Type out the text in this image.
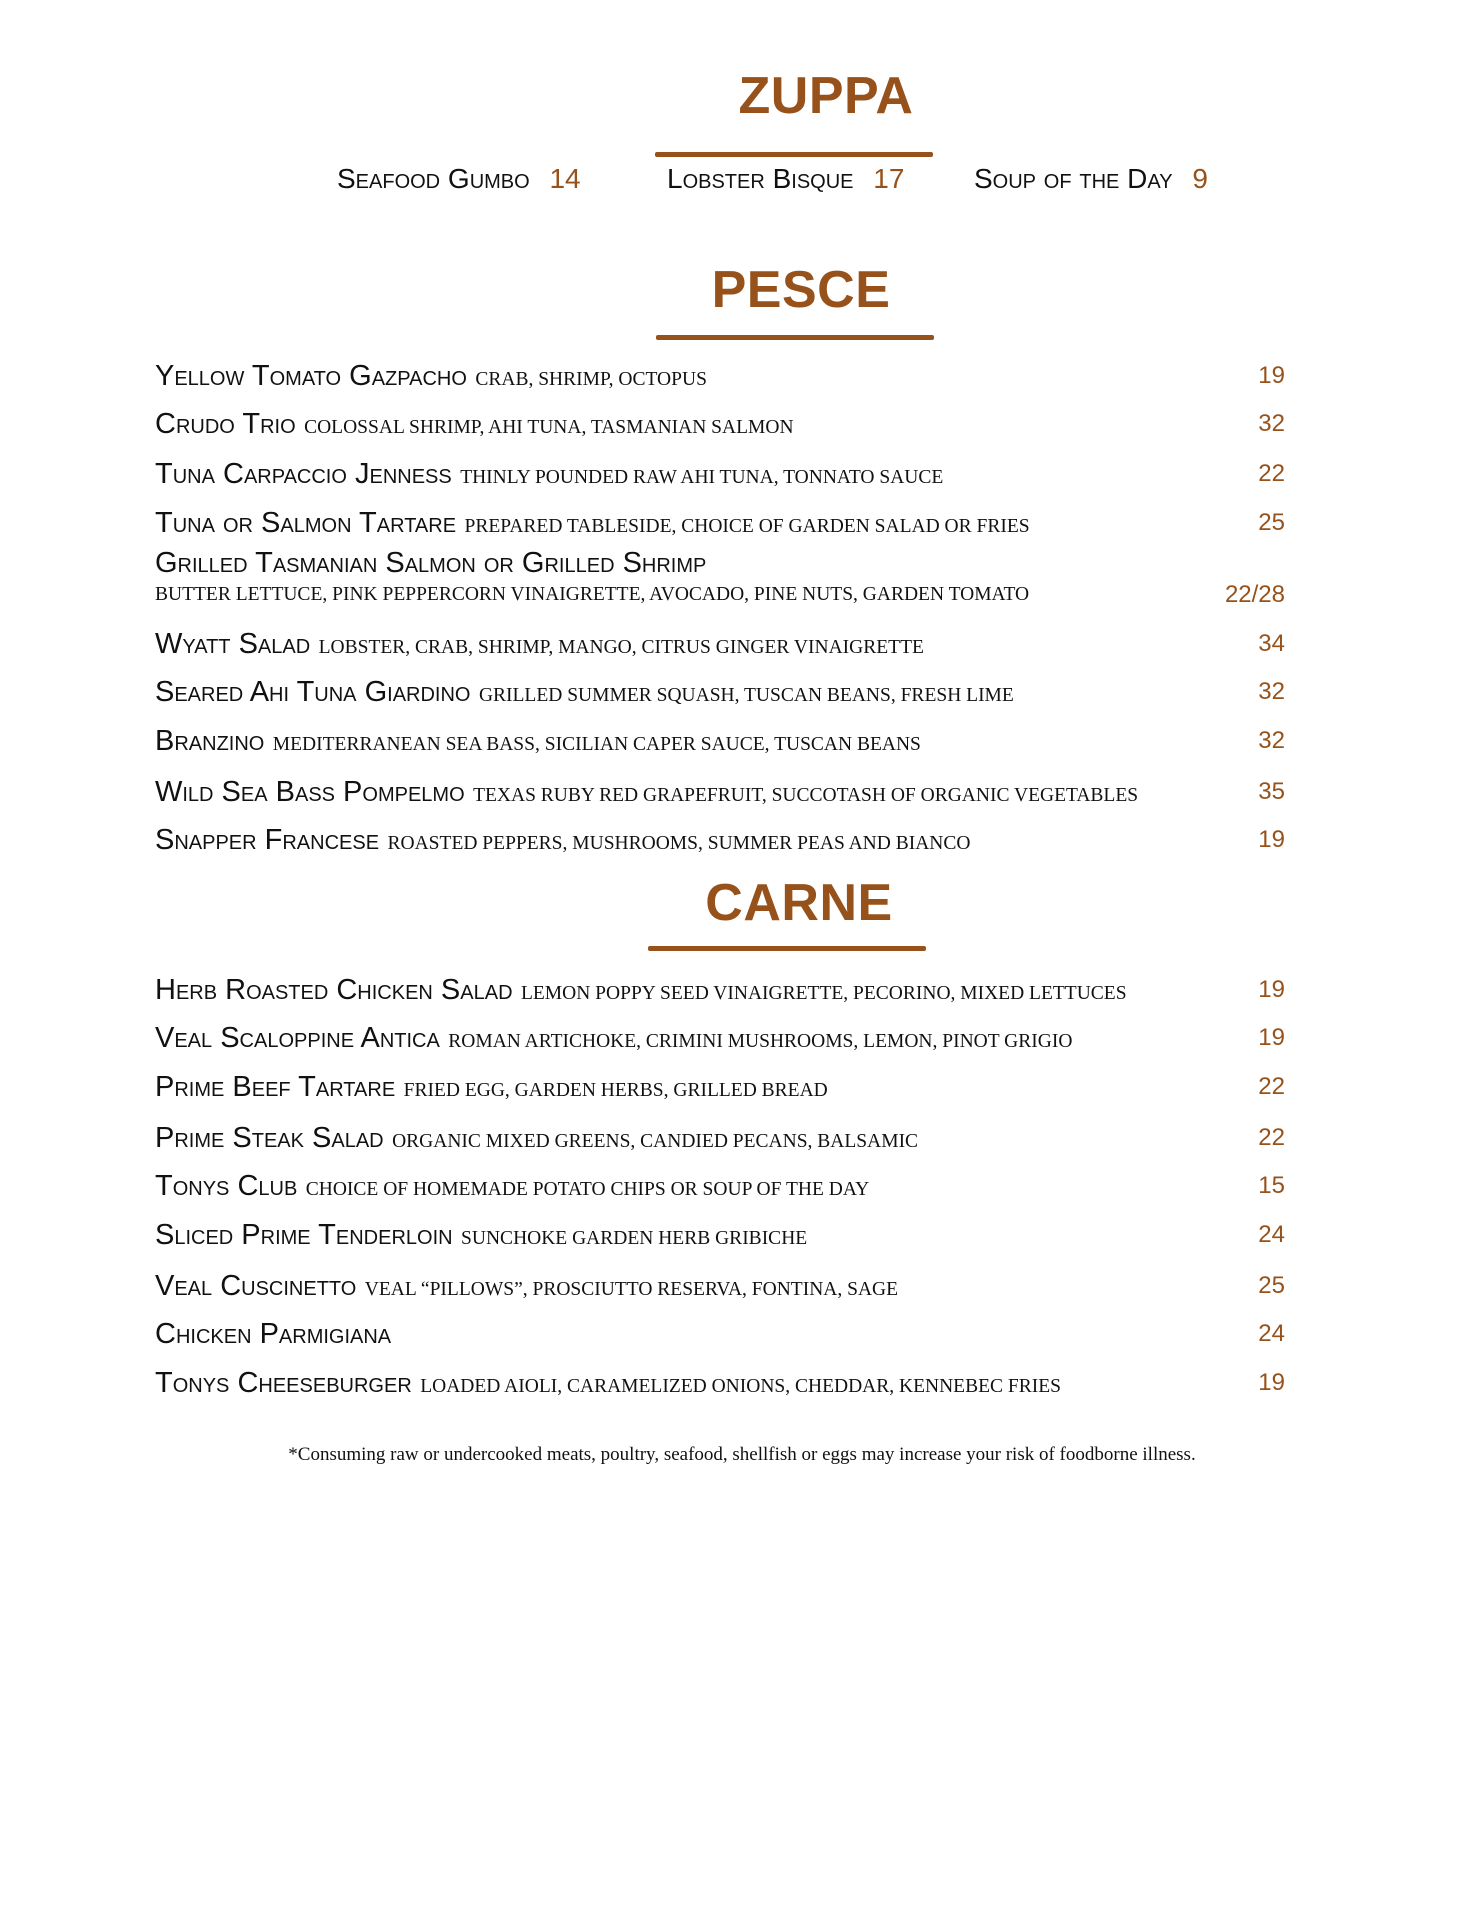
ZUPPA
Seafood Gumbo 14	Lobster Bisque 17 Soup of the Day 9
PESCE
Yellow Tomato Gazpacho CRAB, SHRIMP, OCTOPUS	19
Crudo Trio COLOSSAL SHRIMP, AHI TUNA, TASMANIAN SALMON	32
Tuna Carpaccio Jenness THINLY POUNDED RAW AHI TUNA, TONNATO SAUCE	22
Tuna or Salmon Tartare PREPARED TABLESIDE, CHOICE OF GARDEN SALAD OR FRIES	25
Grilled Tasmanian Salmon or Grilled Shrimp
BUTTER LETTUCE, PINK PEPPERCORN VINAIGRETTE, AVOCADO, PINE NUTS, GARDEN TOMATO	22/28
Wyatt Salad LOBSTER, CRAB, SHRIMP, MANGO, CITRUS GINGER VINAIGRETTE	34
Seared Ahi Tuna Giardino GRILLED SUMMER SQUASH, TUSCAN BEANS, FRESH LIME	32
Branzino MEDITERRANEAN SEA BASS, SICILIAN CAPER SAUCE, TUSCAN BEANS	32
Wild Sea Bass Pompelmo TEXAS RUBY RED GRAPEFRUIT, SUCCOTASH OF ORGANIC VEGETABLES	35
Snapper Francese ROASTED PEPPERS, MUSHROOMS, SUMMER PEAS AND BIANCO	19
CARNE
Herb Roasted Chicken Salad LEMON POPPY SEED VINAIGRETTE, PECORINO, MIXED LETTUCES	19
Veal Scaloppine Antica ROMAN ARTICHOKE, CRIMINI MUSHROOMS, LEMON, PINOT GRIGIO	19
Prime Beef Tartare FRIED EGG, GARDEN HERBS, GRILLED BREAD	22
Prime Steak Salad ORGANIC MIXED GREENS, CANDIED PECANS, BALSAMIC	22
Tonys Club CHOICE OF HOMEMADE POTATO CHIPS OR SOUP OF THE DAY	15
Sliced Prime Tenderloin SUNCHOKE GARDEN HERB GRIBICHE	24
Veal Cuscinetto VEAL “PILLOWS”, PROSCIUTTO RESERVA, FONTINA, SAGE	25
Chicken Parmigiana	24
Tonys Cheeseburger LOADED AIOLI, CARAMELIZED ONIONS, CHEDDAR, KENNEBEC FRIES	19
*Consuming raw or undercooked meats, poultry, seafood, shellfish or eggs may increase your risk of foodborne illness.
